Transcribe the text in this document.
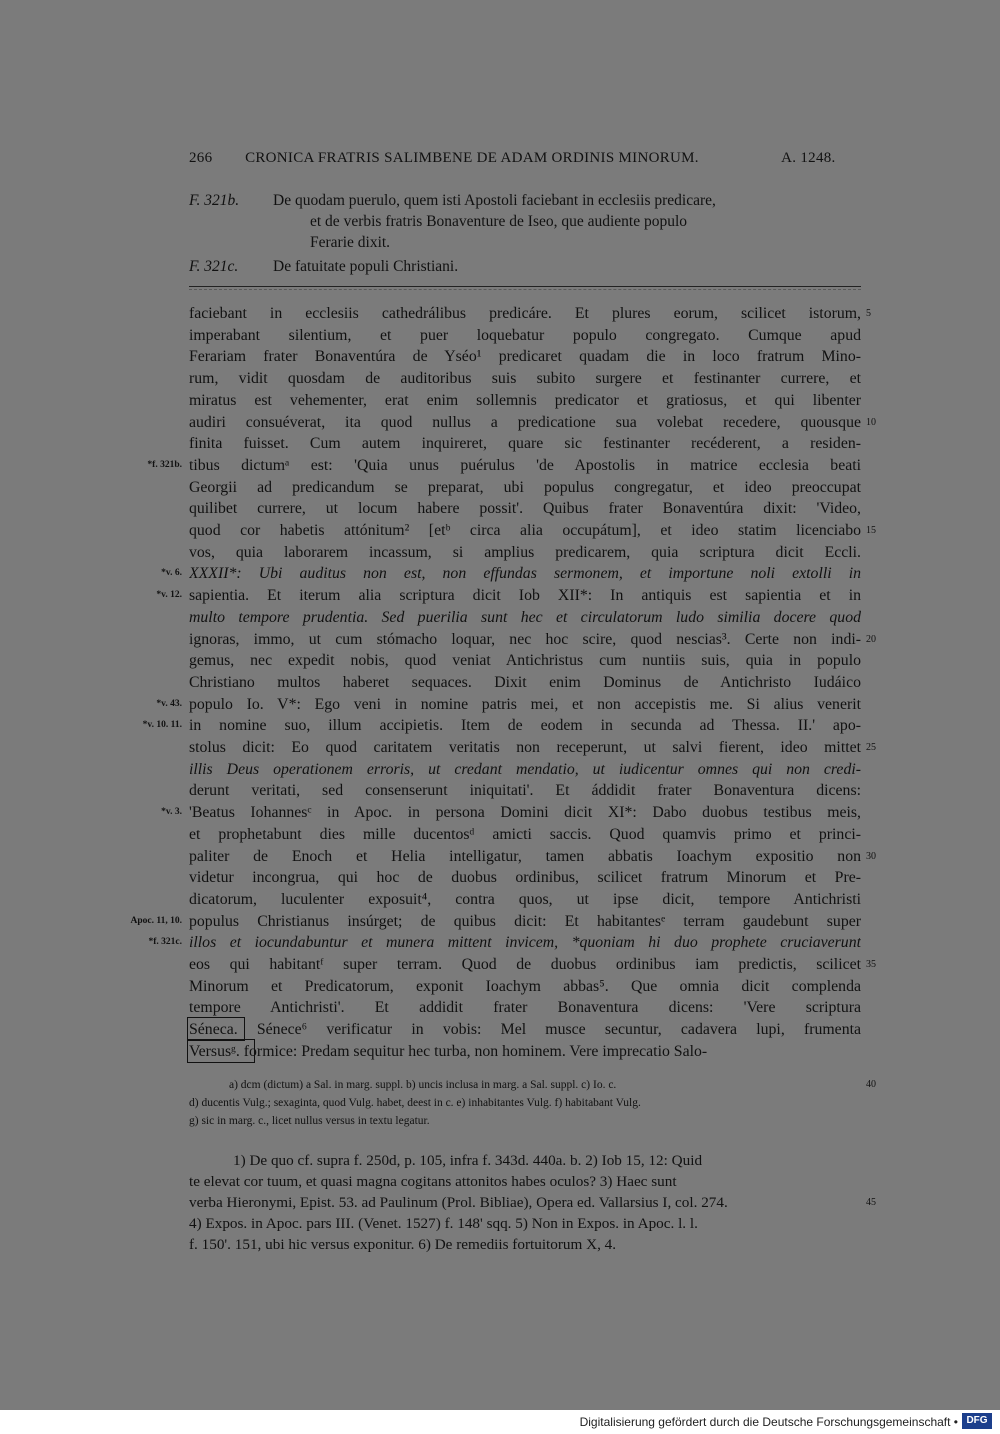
266 CRONICA FRATRIS SALIMBENE DE ADAM ORDINIS MINORUM.	A. 1248.
F. 321b. De quodam puerulo, quem isti Apostoli faciebant in ecclesiis predicare,
et de verbis fratris Bonaventure de Iseo, que audiente populo
Ferarie dixit.
F. 321c. De fatuitate populi Christiani.
faciebant in ecclesiis cathedrálibus predicáre. Et plures eorum, scilicet istorum,
imperabant silentium, et puer loquebatur populo congregato. Cumque apud
Ferariam frater Bonaventúra de Yséo¹ predicaret quadam die in loco fratrum Mino-
rum, vidit quosdam de auditoribus suis subito surgere et festinanter currere, et
miratus est vehementer, erat enim sollemnis predicator et gratiosus, et qui libenter
audiri consuéverat, ita quod nullus a predicatione sua volebat recedere, quousque
finita fuisset. Cum autem inquireret, quare sic festinanter recéderent, a residen-
tibus dictumᵃ est: 'Quia unus puérulus 'de Apostolis in matrice ecclesia beati
Georgii ad predicandum se preparat, ubi populus congregatur, et ideo preoccupat
quilibet currere, ut locum habere possit'. Quibus frater Bonaventúra dixit: 'Video,
quod cor habetis attónitum² [etᵇ circa alia occupátum], et ideo statim licenciabo
vos, quia laborarem incassum, si amplius predicarem, quia scriptura dicit Eccli.
XXXII*: Ubi auditus non est, non effundas sermonem, et importune noli extolli in
sapientia. Et iterum alia scriptura dicit Iob XII*: In antiquis est sapientia et in
multo tempore prudentia. Sed puerilia sunt hec et circulatorum ludo similia docere quod
ignoras, immo, ut cum stómacho loquar, nec hoc scire, quod nescias³. Certe non indi-
gemus, nec expedit nobis, quod veniat Antichristus cum nuntiis suis, quia in populo
Christiano multos haberet sequaces. Dixit enim Dominus de Antichristo Iudáico
populo Io. V*: Ego veni in nomine patris mei, et non accepistis me. Si alius venerit
in nomine suo, illum accipietis. Item de eodem in secunda ad Thessa. II.' apo-
stolus dicit: Eo quod caritatem veritatis non receperunt, ut salvi fierent, ideo mittet
illis Deus operationem erroris, ut credant mendatio, ut iudicentur omnes qui non credi-
derunt veritati, sed consenserunt iniquitati'. Et áddidit frater Bonaventura dicens:
'Beatus Iohannesᶜ in Apoc. in persona Domini dicit XI*: Dabo duobus testibus meis,
et prophetabunt dies mille ducentosᵈ amicti saccis. Quod quamvis primo et princi-
paliter de Enoch et Helia intelligatur, tamen abbatis Ioachym expositio non
videtur incongrua, qui hoc de duobus ordinibus, scilicet fratrum Minorum et Pre-
dicatorum, luculenter exposuit⁴, contra quos, ut ipse dicit, tempore Antichristi
populus Christianus insúrget; de quibus dicit: Et habitantesᵉ terram gaudebunt super
illos et iocundabuntur et munera mittent invicem, *quoniam hi duo prophete cruciaverunt
eos qui habitantᶠ super terram. Quod de duobus ordinibus iam predictis, scilicet
Minorum et Predicatorum, exponit Ioachym abbas⁵. Que omnia dicit complenda
tempore Antichristi'. Et addidit frater Bonaventura dicens: 'Vere scriptura
Séneca. Sénece⁶ verificatur in vobis: Mel musce secuntur, cadavera lupi, frumenta
Versusᵍ. formice: Predam sequitur hec turba, non hominem. Vere imprecatio Salo-
5
10
15
20
25
30
35
*f. 321b.
*v. 6.
*v. 12.
*v. 43.
*v. 10. 11.
*v. 3.
Apoc. 11, 10.
*f. 321c.
a) dcm (dictum) a Sal. in marg. suppl. b) uncis inclusa in marg. a Sal. suppl. c) Io. c.
d) ducentis Vulg.; sexaginta, quod Vulg. habet, deest in c. e) inhabitantes Vulg. f) habitabant Vulg.
g) sic in marg. c., licet nullus versus in textu legatur.
40
1) De quo cf. supra f. 250d, p. 105, infra f. 343d. 440a. b. 2) Iob 15, 12: Quid
te elevat cor tuum, et quasi magna cogitans attonitos habes oculos? 3) Haec sunt
verba Hieronymi, Epist. 53. ad Paulinum (Prol. Bibliae), Opera ed. Vallarsius I, col. 274.
4) Expos. in Apoc. pars III. (Venet. 1527) f. 148' sqq. 5) Non in Expos. in Apoc. l. l.
f. 150'. 151, ubi hic versus exponitur. 6) De remediis fortuitorum X, 4.
45
Digitalisierung gefördert durch die Deutsche Forschungsgemeinschaft • DFG
